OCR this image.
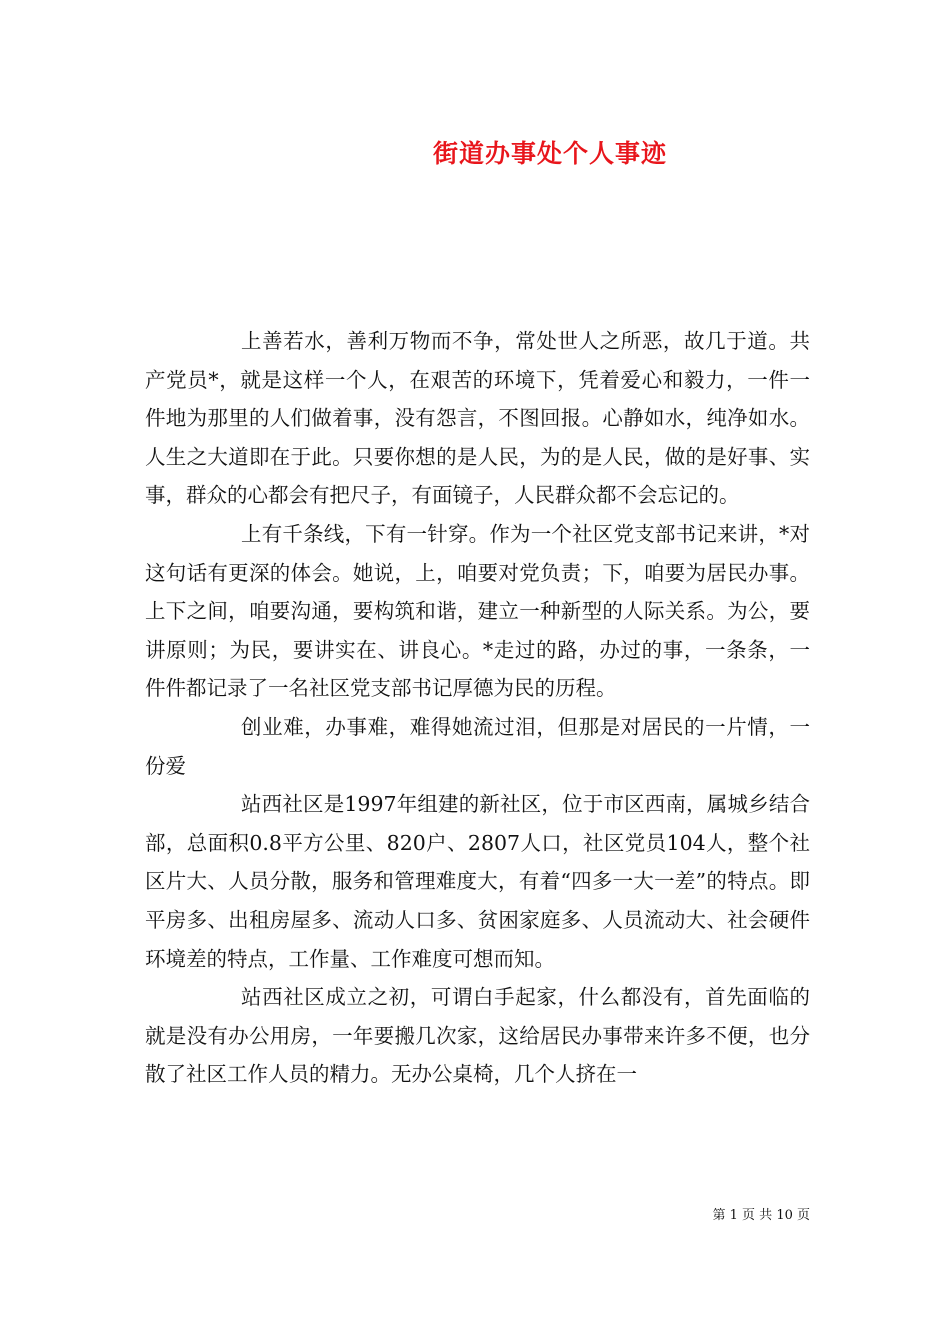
街道办事处个人事迹

上善若水，善利万物而不争，常处世人之所恶，故几于道。共产党员*，就是这样一个人，在艰苦的环境下，凭着爱心和毅力，一件一件地为那里的人们做着事，没有怨言，不图回报。心静如水，纯净如水。人生之大道即在于此。只要你想的是人民，为的是人民，做的是好事、实事，群众的心都会有把尺子，有面镜子，人民群众都不会忘记的。

上有千条线，下有一针穿。作为一个社区党支部书记来讲，*对这句话有更深的体会。她说，上，咱要对党负责；下，咱要为居民办事。上下之间，咱要沟通，要构筑和谐，建立一种新型的人际关系。为公，要讲原则；为民，要讲实在、讲良心。*走过的路，办过的事，一条条，一件件都记录了一名社区党支部书记厚德为民的历程。

创业难，办事难，难得她流过泪，但那是对居民的一片情，一份爱

站西社区是1997年组建的新社区，位于市区西南，属城乡结合部，总面积0.8平方公里、820户、2807人口，社区党员104人，整个社区片大、人员分散，服务和管理难度大，有着“四多一大一差”的特点。即平房多、出租房屋多、流动人口多、贫困家庭多、人员流动大、社会硬件环境差的特点，工作量、工作难度可想而知。

站西社区成立之初，可谓白手起家，什么都没有，首先面临的就是没有办公用房，一年要搬几次家，这给居民办事带来许多不便，也分散了社区工作人员的精力。无办公桌椅，几个人挤在一

第 1 页 共 10 页
